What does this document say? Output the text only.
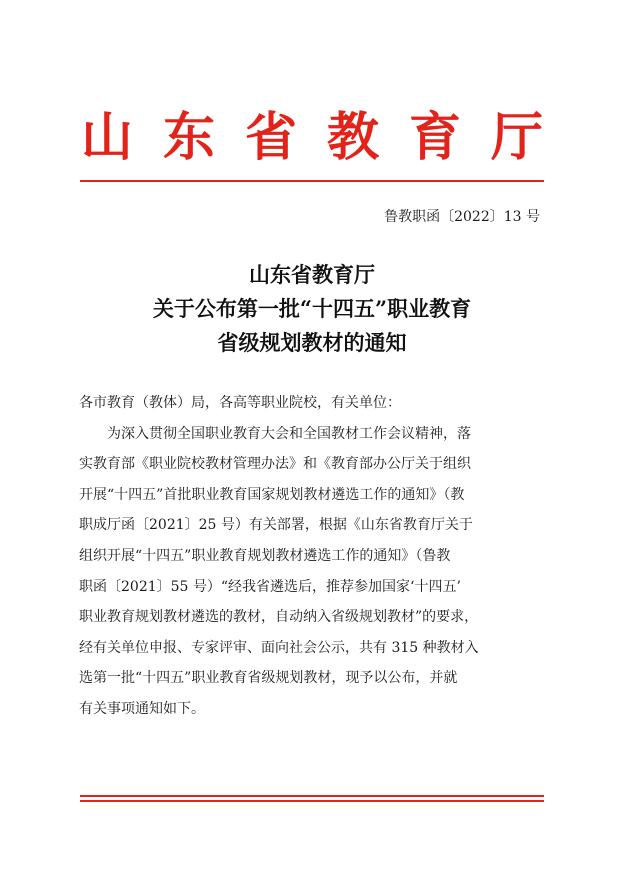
山东省教育厅
鲁教职函〔2022〕13 号
山东省教育厅
关于公布第一批“十四五”职业教育
省级规划教材的通知
各市教育（教体）局，各高等职业院校，有关单位：
为深入贯彻全国职业教育大会和全国教材工作会议精神，落
实教育部《职业院校教材管理办法》和《教育部办公厅关于组织
开展“十四五”首批职业教育国家规划教材遴选工作的通知》（教
职成厅函〔2021〕25 号）有关部署，根据《山东省教育厅关于
组织开展“十四五”职业教育规划教材遴选工作的通知》（鲁教
职函〔2021〕55 号）“经我省遴选后，推荐参加国家‘十四五’
职业教育规划教材遴选的教材，自动纳入省级规划教材”的要求，
经有关单位申报、专家评审、面向社会公示，共有 315 种教材入
选第一批“十四五”职业教育省级规划教材，现予以公布，并就
有关事项通知如下。
